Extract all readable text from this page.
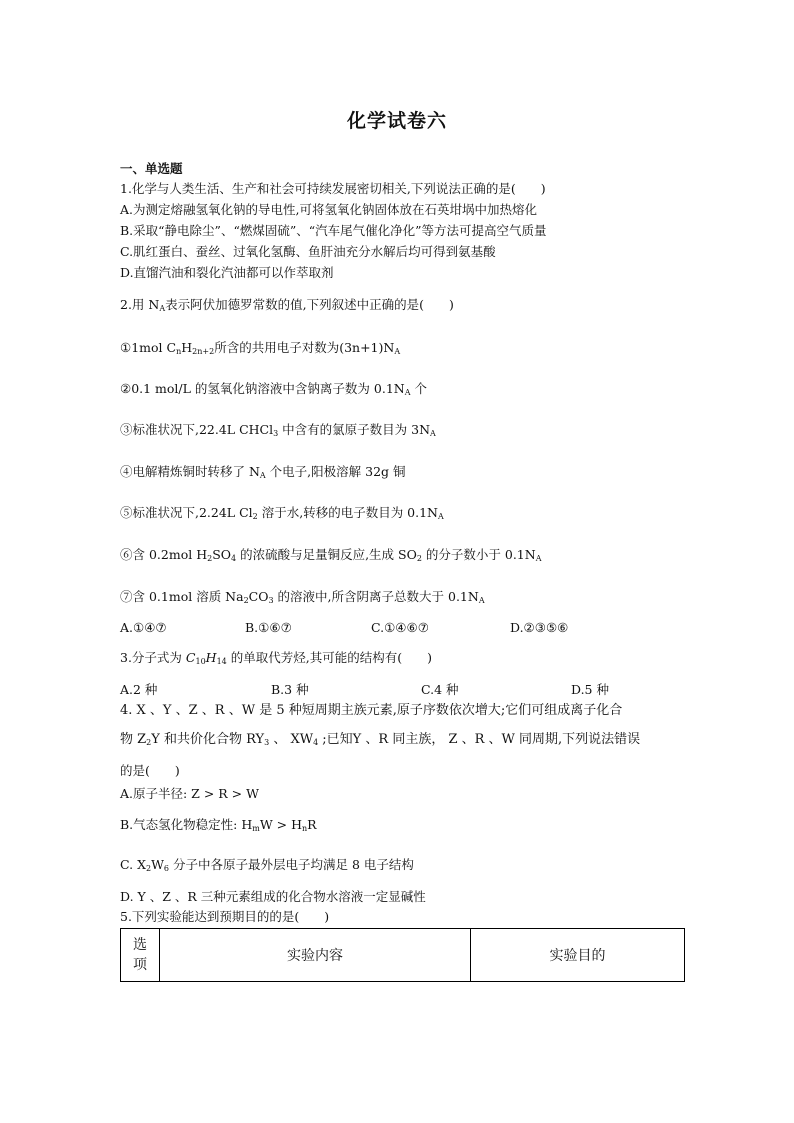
化学试卷六
一、单选题
1.化学与人类生活、生产和社会可持续发展密切相关,下列说法正确的是(　　)
A.为测定熔融氢氧化钠的导电性,可将氢氧化钠固体放在石英坩埚中加热熔化
B.采取“静电除尘”、“燃煤固硫”、“汽车尾气催化净化”等方法可提高空气质量
C.肌红蛋白、蚕丝、过氧化氢酶、鱼肝油充分水解后均可得到氨基酸
D.直馏汽油和裂化汽油都可以作萃取剂
2.用 $N_A$表示阿伏加德罗常数的值,下列叙述中正确的是(　　)
①1mol $C_nH_{2n+2}$所含的共用电子对数为$(3n+1)N_A$
②0.1 mol/L 的氢氧化钠溶液中含钠离子数为 $0.1N_A$ 个
③标准状况下,22.4L CHCl$_3$ 中含有的氯原子数目为 $3N_A$
④电解精炼铜时转移了 $N_A$ 个电子,阳极溶解 32g 铜
⑤标准状况下,2.24L $Cl_2$ 溶于水,转移的电子数目为 $0.1N_A$
⑥含 0.2mol $H_2SO_4$ 的浓硫酸与足量铜反应,生成 $SO_2$ 的分子数小于 $0.1N_A$
⑦含 0.1mol 溶质 $Na_2CO_3$ 的溶液中,所含阴离子总数大于 $0.1N_A$
A.①④⑦	B.①⑥⑦	C.①④⑥⑦	D.②③⑤⑥
3.分子式为 $C_{10}H_{14}$ 的单取代芳烃,其可能的结构有(　　)
A.2 种	B.3 种	C.4 种	D.5 种
4. X 、Y 、Z 、R 、W 是 5 种短周期主族元素,原子序数依次增大;它们可组成离子化合
物 $Z_2Y$ 和共价化合物 $RY_3$ 、 $XW_4$ ;已知Y 、R 同主族， Z 、R 、W 同周期,下列说法错误
的是(　　)
A.原子半径: Z > R > W
B.气态氢化物稳定性: $H_mW > H_nR$
C. $X_2W_6$ 分子中各原子最外层电子均满足 8 电子结构
D. Y 、Z 、R 三种元素组成的化合物水溶液一定显碱性
5.下列实验能达到预期目的的是(　　)
选
项	实验内容	实验目的
